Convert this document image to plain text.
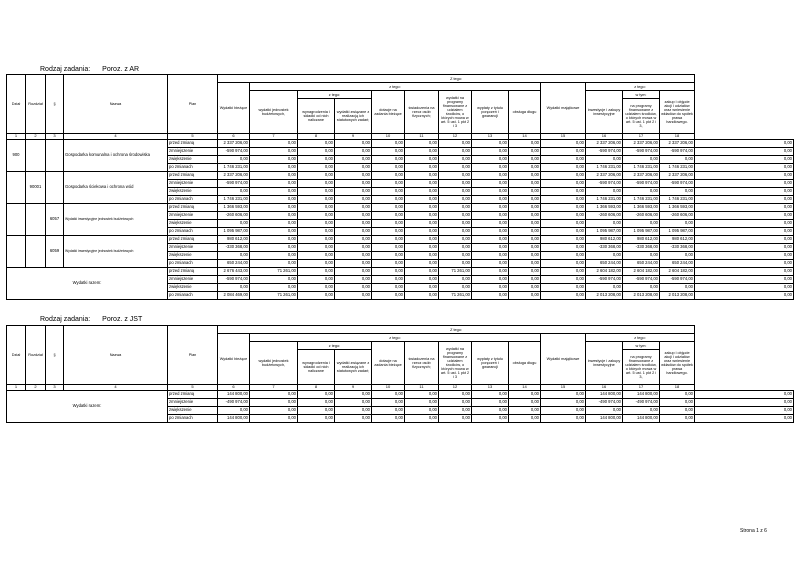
Rodzaj zadania: Poroz. z AR
Dział	Rozdział	§	Nazwa	Plan	Z tego:													
					Wydatki bieżące	z tego:								Wydatki majątkowe	z tego:			
						wydatki jednostek budżetowych,	z tego:		dotacje na zadania bieżące	świadczenia na rzecz osób fizycznych;	wydatki na programy finansowane z udziałem środków, o których mowa w art. 5 ust. 1 pkt 2 i 3	wypłaty z tytułu poręczeń i gwarancji	obsługa długu		inwestycje i zakupy inwestycyjne	w tym:	zakup i objęcie akcji i udziałów oraz wniesienie wkładów do spółek prawa handlowego.	
							wynagrodzenia i składki od nich naliczane	wydatki związane z realizacją ich statutowych zadań;								na programy finansowane z udziałem środków, o których mowa w art. 5 ust. 1 pkt 2 i 3,		

1	2	3	4	5	6	7	8	9	10	11	12	13	14	15	16	17	18	
900			Gospodarka komunalna i ochrona środowiska	przed zmianą	2 337 206,00	0,00	0,00	0,00	0,00	0,00	0,00	0,00	0,00	0,00	2 337 206,00	2 337 206,00	2 337 206,00	0,00
				zmniejszenie	-590 974,00	0,00	0,00	0,00	0,00	0,00	0,00	0,00	0,00	0,00	-590 974,00	-590 974,00	-590 974,00	0,00
				zwiększenie	0,00	0,00	0,00	0,00	0,00	0,00	0,00	0,00	0,00	0,00	0,00	0,00	0,00	0,00
				po zmianach	1 746 231,00	0,00	0,00	0,00	0,00	0,00	0,00	0,00	0,00	0,00	1 746 231,00	1 746 231,00	1 746 231,00	0,00
	90001		Gospodarka ściekowa i ochrona wód	przed zmianą	2 337 206,00	0,00	0,00	0,00	0,00	0,00	0,00	0,00	0,00	0,00	2 337 206,00	2 337 206,00	2 337 206,00	0,00
				zmniejszenie	-590 974,00	0,00	0,00	0,00	0,00	0,00	0,00	0,00	0,00	0,00	-590 974,00	-590 974,00	-590 974,00	0,00
				zwiększenie	0,00	0,00	0,00	0,00	0,00	0,00	0,00	0,00	0,00	0,00	0,00	0,00	0,00	0,00
				po zmianach	1 746 231,00	0,00	0,00	0,00	0,00	0,00	0,00	0,00	0,00	0,00	1 746 231,00	1 746 231,00	1 746 231,00	0,00
		6057	Wydatki inwestycyjne jednostek budżetowych	przed zmianą	1 366 593,00	0,00	0,00	0,00	0,00	0,00	0,00	0,00	0,00	0,00	1 366 593,00	1 366 593,00	1 366 593,00	0,00
				zmniejszenie	-260 606,00	0,00	0,00	0,00	0,00	0,00	0,00	0,00	0,00	0,00	-260 606,00	-260 606,00	-260 606,00	0,00
				zwiększenie	0,00	0,00	0,00	0,00	0,00	0,00	0,00	0,00	0,00	0,00	0,00	0,00	0,00	0,00
				po zmianach	1 095 987,00	0,00	0,00	0,00	0,00	0,00	0,00	0,00	0,00	0,00	1 095 987,00	1 095 987,00	1 095 987,00	0,00
		6059	Wydatki inwestycyjne jednostek budżetowych	przed zmianą	980 612,00	0,00	0,00	0,00	0,00	0,00	0,00	0,00	0,00	0,00	980 612,00	980 612,00	980 612,00	0,00
				zmniejszenie	-330 368,00	0,00	0,00	0,00	0,00	0,00	0,00	0,00	0,00	0,00	-330 368,00	-330 368,00	-330 368,00	0,00
				zwiększenie	0,00	0,00	0,00	0,00	0,00	0,00	0,00	0,00	0,00	0,00	0,00	0,00	0,00	0,00
				po zmianach	650 244,00	0,00	0,00	0,00	0,00	0,00	0,00	0,00	0,00	0,00	650 244,00	650 244,00	650 244,00	0,00
Wydatki razem:				przed zmianą	2 676 443,00	71 261,00	0,00	0,00	0,00	0,00	71 261,00	0,00	0,00	0,00	2 604 182,00	2 604 182,00	2 604 182,00	0,00
				zmniejszenie	-590 974,00	0,00	0,00	0,00	0,00	0,00	0,00	0,00	0,00	0,00	-590 974,00	-590 974,00	-590 974,00	0,00
				zwiększenie	0,00	0,00	0,00	0,00	0,00	0,00	0,00	0,00	0,00	0,00	0,00	0,00	0,00	0,00
				po zmianach	2 084 469,00	71 261,00	0,00	0,00	0,00	0,00	71 261,00	0,00	0,00	0,00	2 013 208,00	2 013 208,00	2 013 208,00	0,00
Rodzaj zadania: Poroz. z JST
Dział	Rozdział	§	Nazwa	Plan	Z tego:													
					Wydatki bieżące	z tego:								Wydatki majątkowe	z tego:			
						wydatki jednostek budżetowych,	z tego:		dotacje na zadania bieżące	świadczenia na rzecz osób fizycznych;	wydatki na programy finansowane z udziałem środków, o których mowa w art. 5 ust. 1 pkt 2 i 3	wypłaty z tytułu poręczeń i gwarancji	obsługa długu		inwestycje i zakupy inwestycyjne	w tym:	zakup i objęcie akcji i udziałów oraz wniesienie wkładów do spółek prawa handlowego.	
							wynagrodzenia i składki od nich naliczane	wydatki związane z realizacją ich statutowych zadań;								na programy finansowane z udziałem środków, o których mowa w art. 5 ust. 1 pkt 2 i 3,		

1	2	3	4	5	6	7	8	9	10	11	12	13	14	15	16	17	18	
Wydatki razem:				przed zmianą	144 800,00	0,00	0,00	0,00	0,00	0,00	0,00	0,00	0,00	0,00	144 800,00	144 800,00	0,00	0,00
				zmniejszenie	-490 974,00	0,00	0,00	0,00	0,00	0,00	0,00	0,00	0,00	0,00	-490 974,00	-490 974,00	0,00	0,00
				zwiększenie	0,00	0,00	0,00	0,00	0,00	0,00	0,00	0,00	0,00	0,00	0,00	0,00	0,00	0,00
				po zmianach	144 800,00	0,00	0,00	0,00	0,00	0,00	0,00	0,00	0,00	0,00	144 800,00	144 800,00	0,00	0,00
Strona 1 z 6
